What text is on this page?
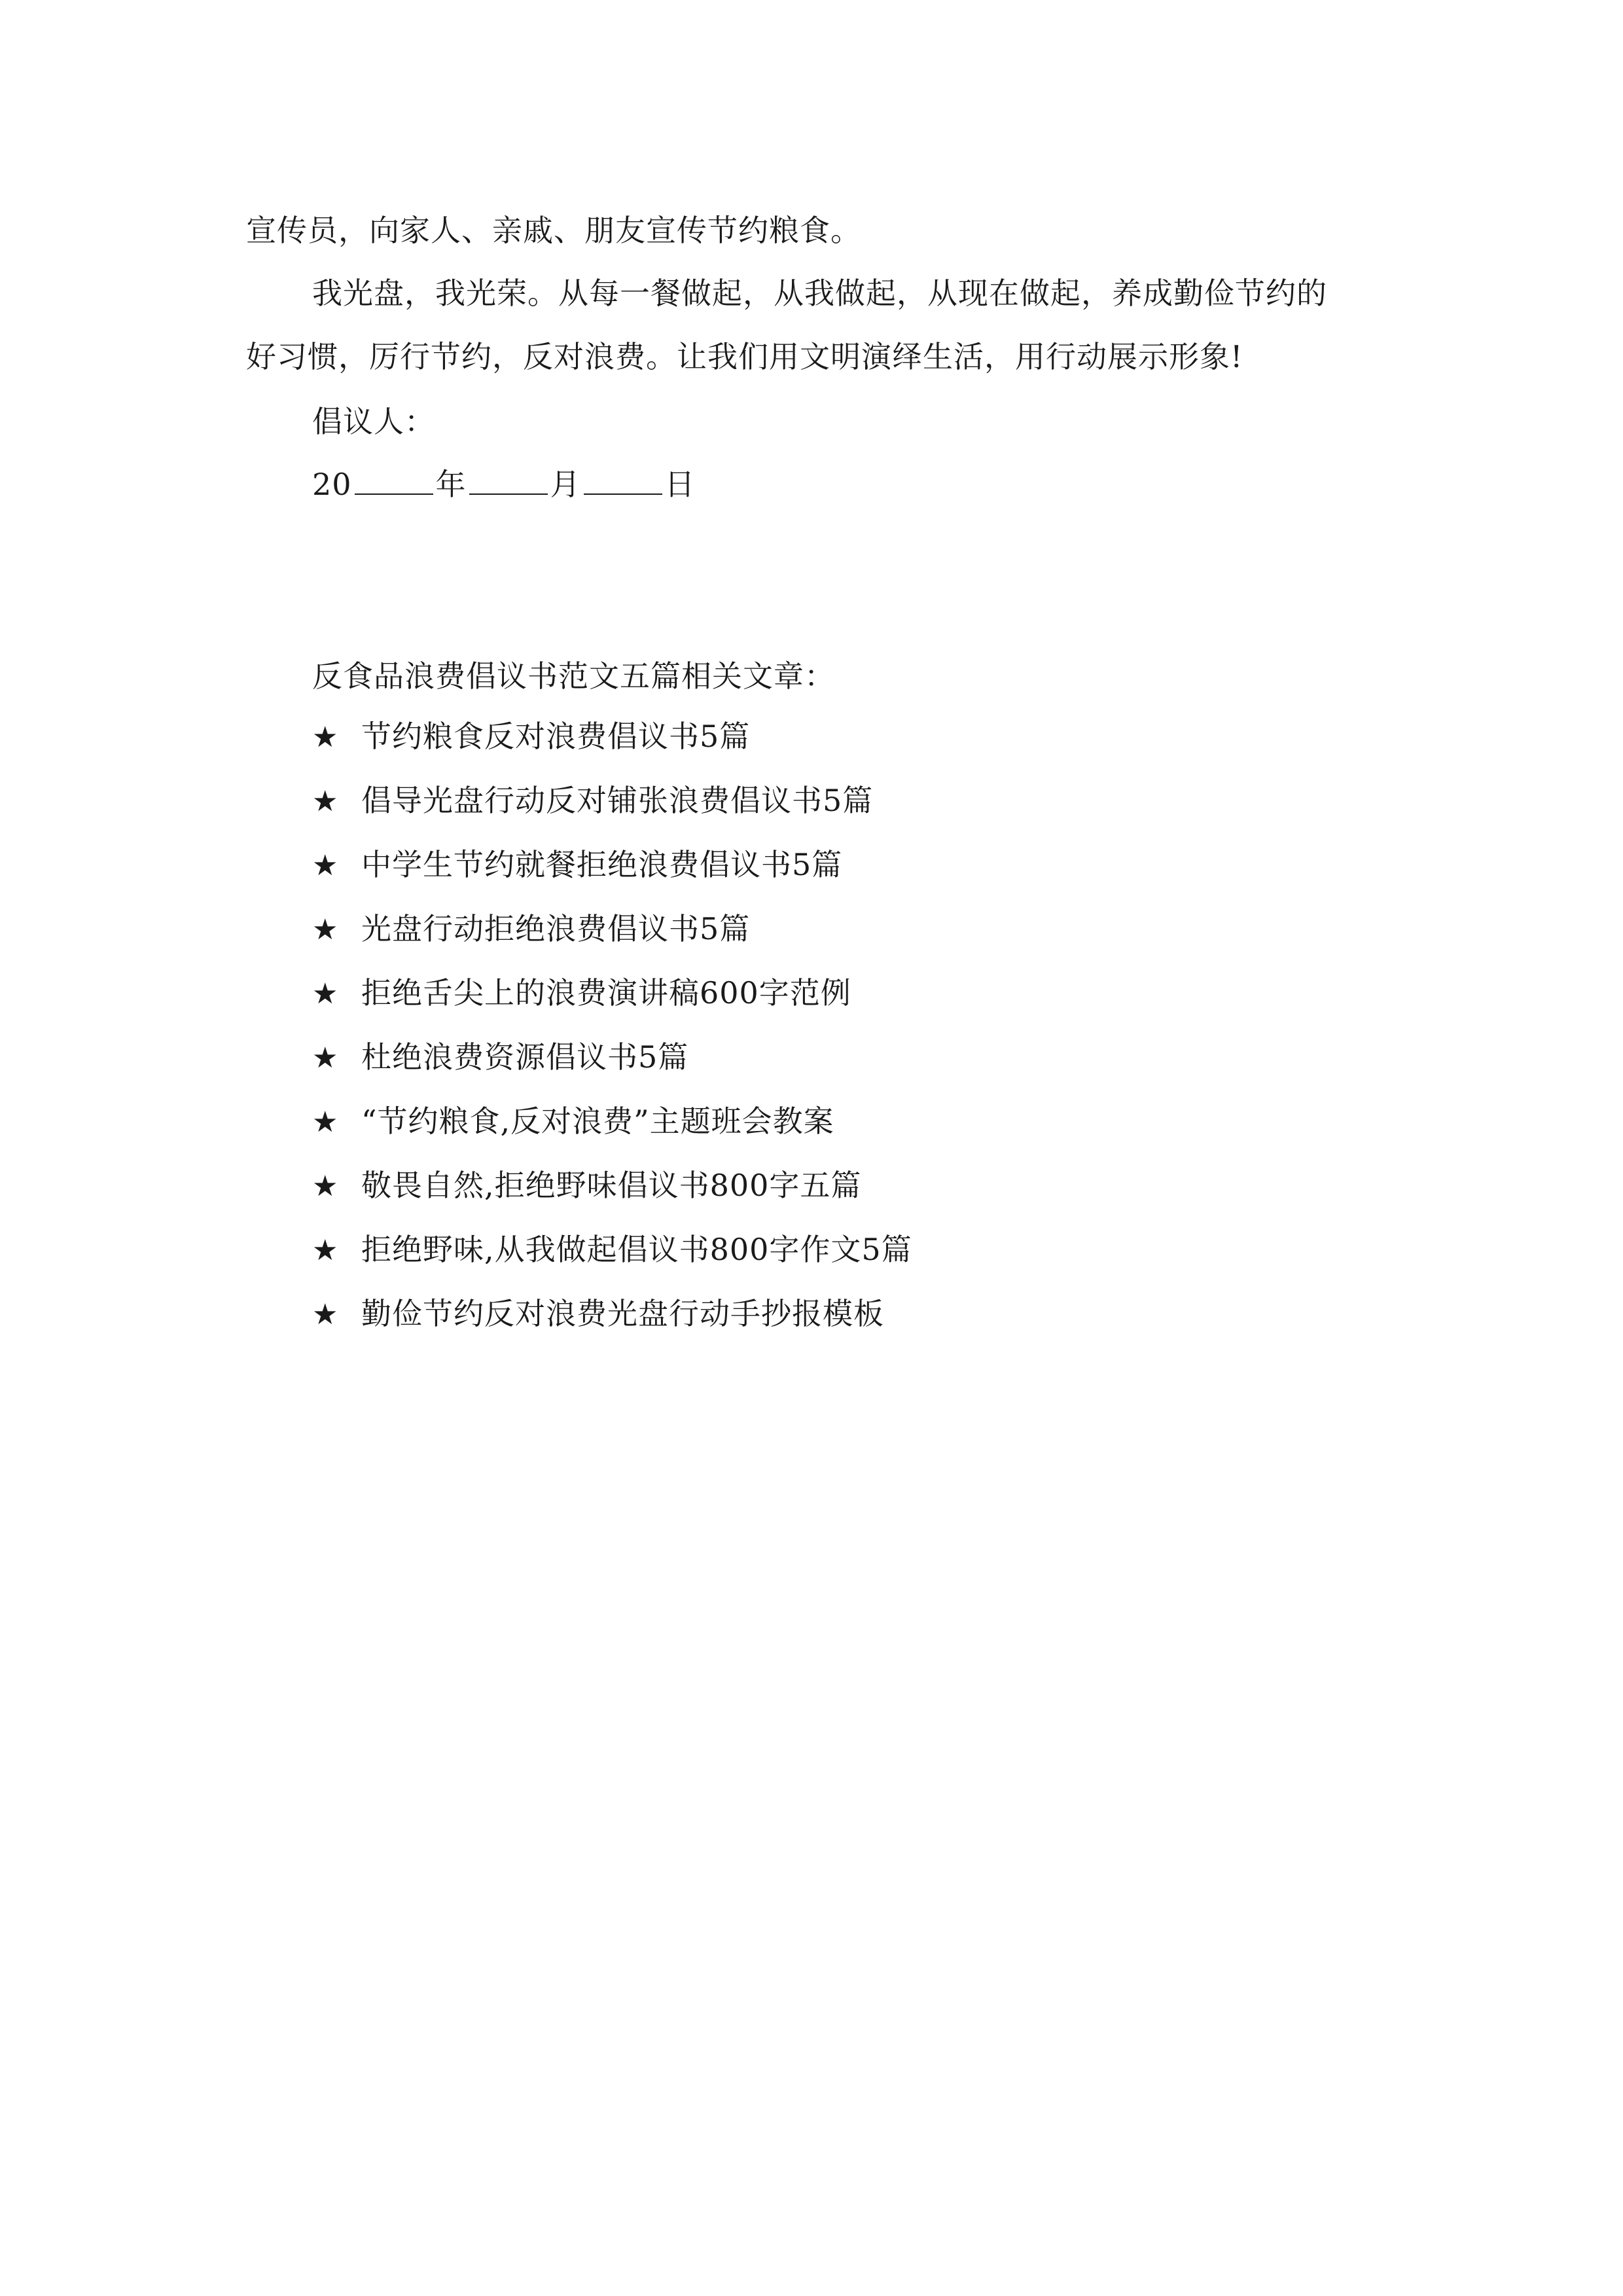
宣传员，向家人、亲戚、朋友宣传节约粮食。
我光盘，我光荣。从每一餐做起，从我做起，从现在做起，养成勤俭节约的
好习惯，厉行节约，反对浪费。让我们用文明演绎生活，用行动展示形象!
倡议人：
20	年	月	日
反食品浪费倡议书范文五篇相关文章：
★ 节约粮食反对浪费倡议书5篇
★ 倡导光盘行动反对铺张浪费倡议书5篇
★ 中学生节约就餐拒绝浪费倡议书5篇
★ 光盘行动拒绝浪费倡议书5篇
★ 拒绝舌尖上的浪费演讲稿600字范例
★ 杜绝浪费资源倡议书5篇
★ “节约粮食,反对浪费”主题班会教案
★ 敬畏自然,拒绝野味倡议书800字五篇
★ 拒绝野味,从我做起倡议书800字作文5篇
★ 勤俭节约反对浪费光盘行动手抄报模板
